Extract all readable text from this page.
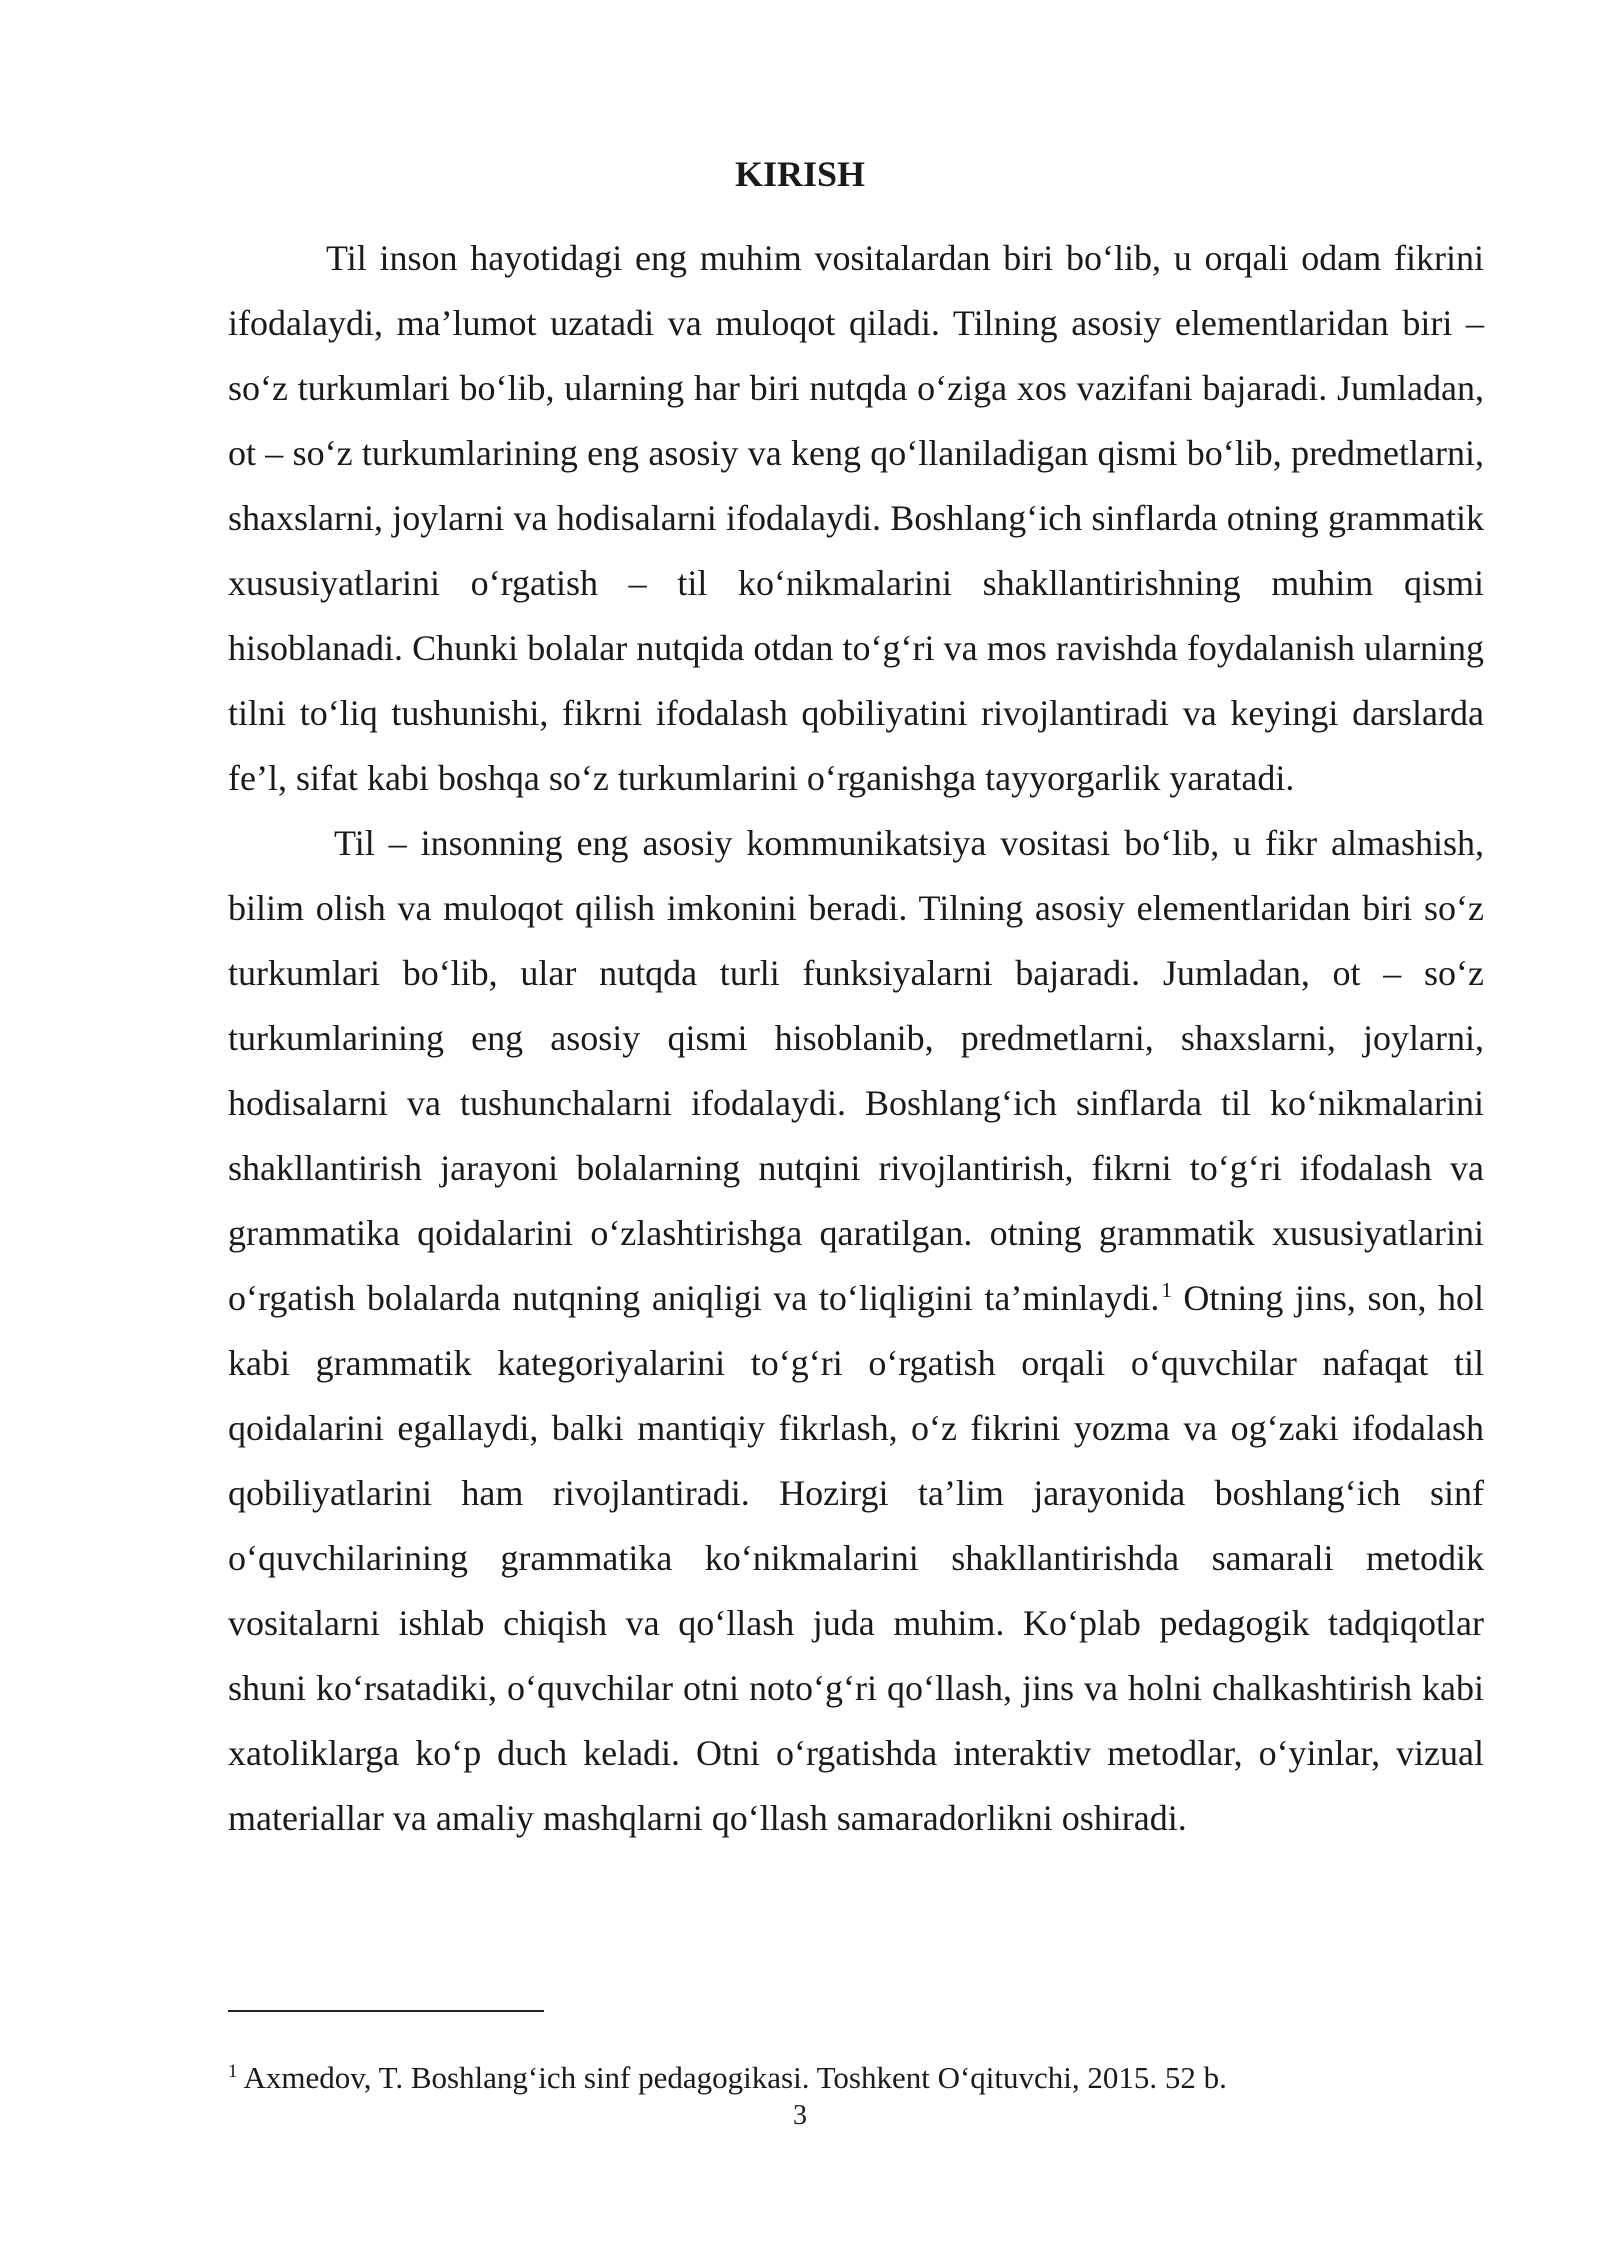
KIRISH

Til inson hayotidagi eng muhim vositalardan biri bo‘lib, u orqali odam fikrini ifodalaydi, ma’lumot uzatadi va muloqot qiladi. Tilning asosiy elementlaridan biri – so‘z turkumlari bo‘lib, ularning har biri nutqda o‘ziga xos vazifani bajaradi. Jumladan, ot – so‘z turkumlarining eng asosiy va keng qo‘llaniladigan qismi bo‘lib, predmetlarni, shaxslarni, joylarni va hodisalarni ifodalaydi. Boshlang‘ich sinflarda otning grammatik xususiyatlarini o‘rgatish – til ko‘nikmalarini shakllantirishning muhim qismi hisoblanadi. Chunki bolalar nutqida otdan to‘g‘ri va mos ravishda foydalanish ularning tilni to‘liq tushunishi, fikrni ifodalash qobiliyatini rivojlantiradi va keyingi darslarda fe’l, sifat kabi boshqa so‘z turkumlarini o‘rganishga tayyorgarlik yaratadi.

Til – insonning eng asosiy kommunikatsiya vositasi bo‘lib, u fikr almashish, bilim olish va muloqot qilish imkonini beradi. Tilning asosiy elementlaridan biri so‘z turkumlari bo‘lib, ular nutqda turli funksiyalarni bajaradi. Jumladan, ot – so‘z turkumlarining eng asosiy qismi hisoblanib, predmetlarni, shaxslarni, joylarni, hodisalarni va tushunchalarni ifodalaydi. Boshlang‘ich sinflarda til ko‘nikmalarini shakllantirish jarayoni bolalarning nutqini rivojlantirish, fikrni to‘g‘ri ifodalash va grammatika qoidalarini o‘zlashtirishga qaratilgan. otning grammatik xususiyatlarini o‘rgatish bolalarda nutqning aniqligi va to‘liqligini ta’minlaydi.$^1$ Otning jins, son, hol kabi grammatik kategoriyalarini to‘g‘ri o‘rgatish orqali o‘quvchilar nafaqat til qoidalarini egallaydi, balki mantiqiy fikrlash, o‘z fikrini yozma va og‘zaki ifodalash qobiliyatlarini ham rivojlantiradi. Hozirgi ta’lim jarayonida boshlang‘ich sinf o‘quvchilarining grammatika ko‘nikmalarini shakllantirishda samarali metodik vositalarni ishlab chiqish va qo‘llash juda muhim. Ko‘plab pedagogik tadqiqotlar shuni ko‘rsatadiki, o‘quvchilar otni noto‘g‘ri qo‘llash, jins va holni chalkashtirish kabi xatoliklarga ko‘p duch keladi. Otni o‘rgatishda interaktiv metodlar, o‘yinlar, vizual materiallar va amaliy mashqlarni qo‘llash samaradorlikni oshiradi.

$^1$ Axmedov, T. Boshlang‘ich sinf pedagogikasi. Toshkent O‘qituvchi, 2015. 52 b.

3
